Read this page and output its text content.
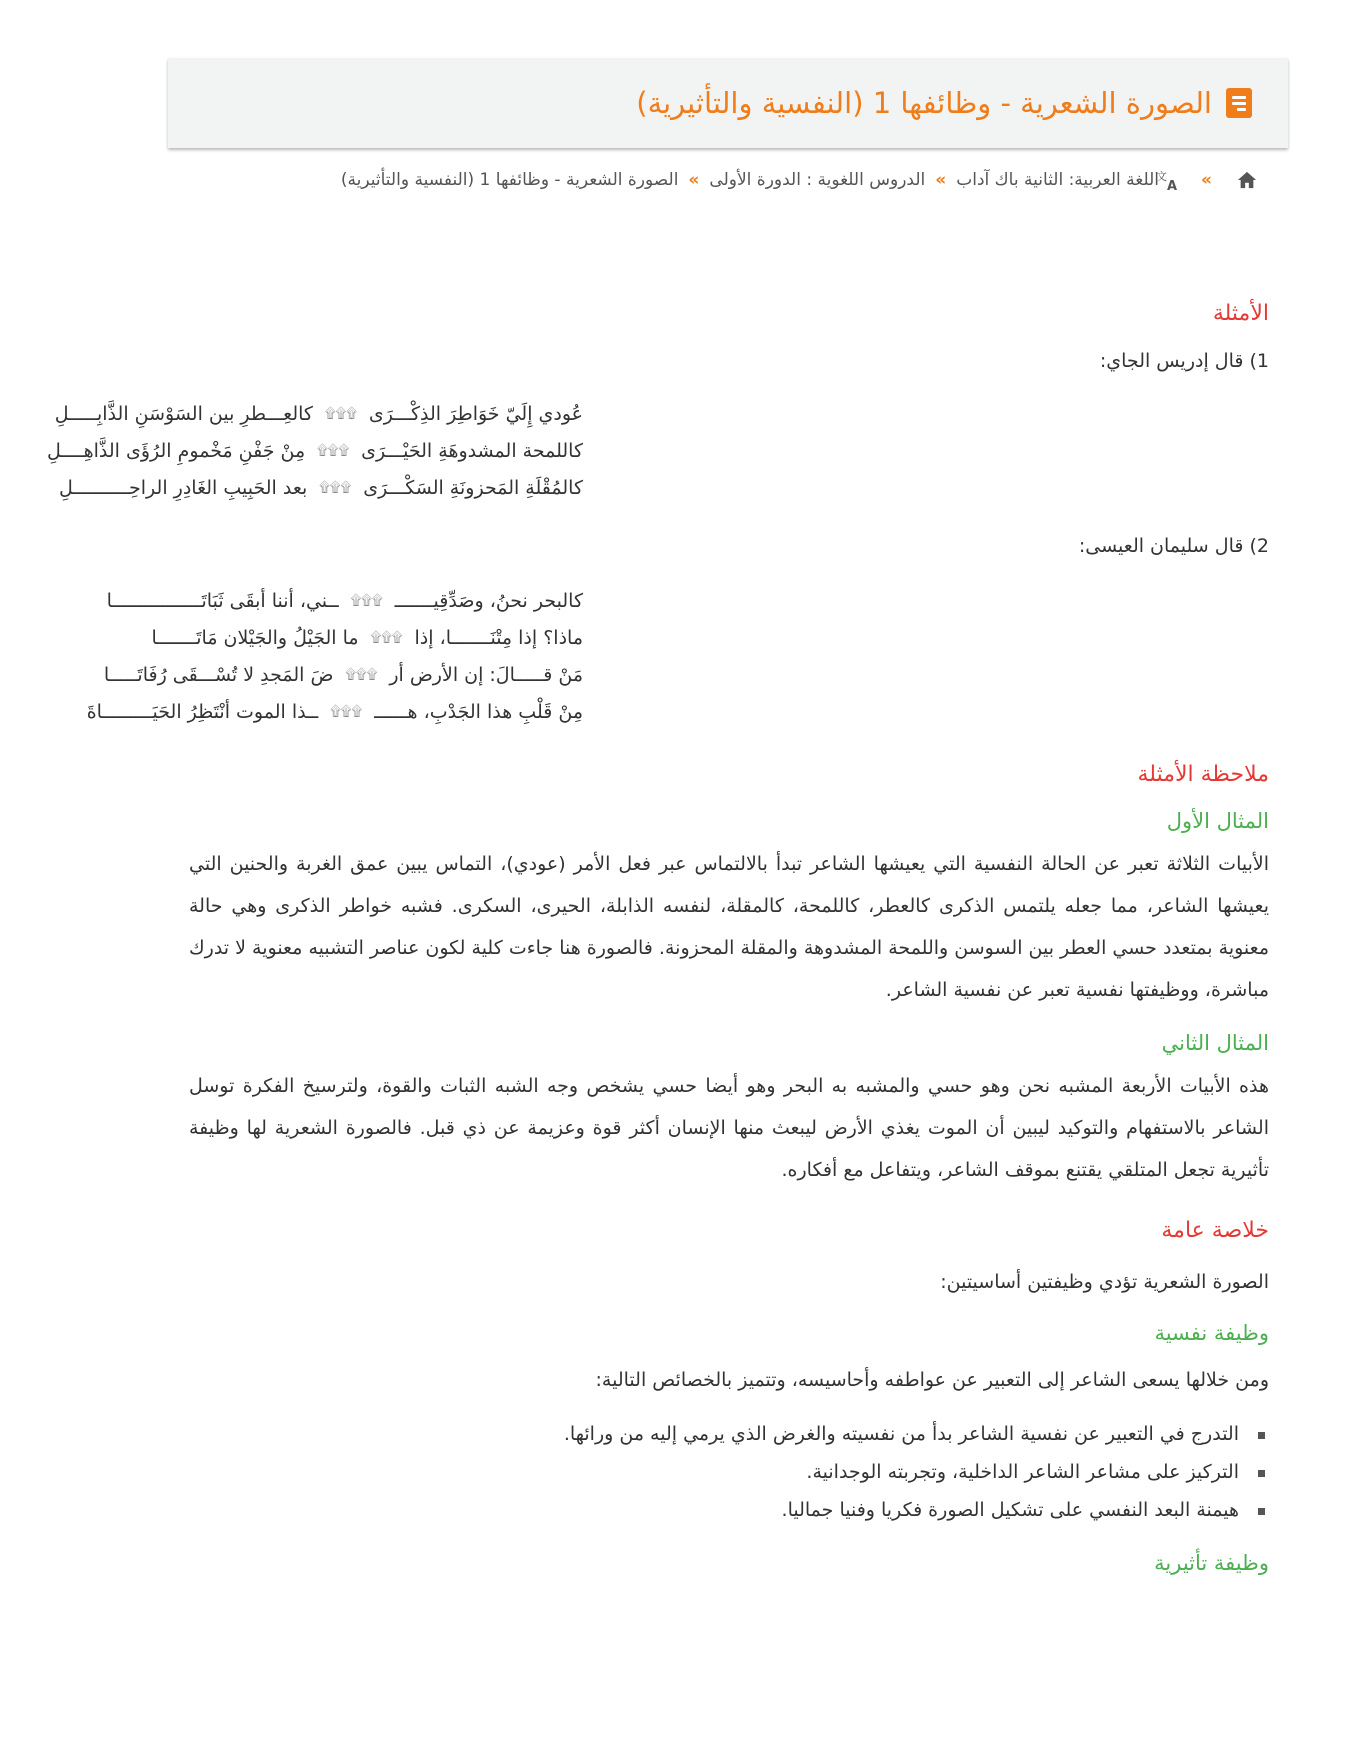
الصورة الشعرية - وظائفها 1 (النفسية والتأثيرية)
»
文
A
اللغة العربية: الثانية باك آداب
»
الدروس اللغوية : الدورة الأولى
»
الصورة الشعرية - وظائفها 1 (النفسية والتأثيرية)
الأمثلة

1) قال إدريس الجاي:

عُودي إِلَيّ خَوَاطِرَ الذِكْـــرَى
۩۩۩
كالعِـــطرِ بين السَوْسَنِ الذَّابِـــــلِ
كاللمحة المشدوهَةِ الحَيْـــرَى
۩۩۩
مِنْ جَفْنِ مَخْمومِ الرُؤَى الذَّاهِــــلِ
كالمُقْلَةِ المَحزونَةِ السَكْـــرَى
۩۩۩
بعد الحَبِيبِ الغَادِرِ الراحِــــــــــلِ

2) قال سليمان العيسى:

كالبحر نحنُ، وصَدِّقِيـــــــ
۩۩۩
ــني، أننا أبقَى ثَبَاتَــــــــــــــــا
ماذا؟ إذا مِتْنَـــــــا، إذا
۩۩۩
ما الجَيْلُ والجَيْلان مَاتَـــــــا
مَنْ قـــــالَ: إن الأرض أر
۩۩۩
ضَ المَجدِ لا تُسْـــقَى رُفَاتَـــــا
مِنْ قَلْبِ هذا الجَدْبِ، هــــــ
۩۩۩
ــذا الموت أنْتَظِرُ الحَيَـــــــــاةَ
ملاحظة الأمثلة
المثال الأول

الأبيات الثلاثة تعبر عن الحالة النفسية التي يعيشها الشاعر تبدأ بالالتماس عبر فعل الأمر (عودي)، التماس يبين عمق الغربة والحنين التي يعيشها الشاعر، مما جعله يلتمس الذكرى كالعطر، كاللمحة، كالمقلة، لنفسه الذابلة، الحيرى، السكرى. فشبه خواطر الذكرى وهي حالة معنوية بمتعدد حسي العطر بين السوسن واللمحة المشدوهة والمقلة المحزونة. فالصورة هنا جاءت كلية لكون عناصر التشبيه معنوية لا تدرك مباشرة، ووظيفتها نفسية تعبر عن نفسية الشاعر.

المثال الثاني

هذه الأبيات الأربعة المشبه نحن وهو حسي والمشبه به البحر وهو أيضا حسي يشخص وجه الشبه الثبات والقوة، ولترسيخ الفكرة توسل الشاعر بالاستفهام والتوكيد ليبين أن الموت يغذي الأرض ليبعث منها الإنسان أكثر قوة وعزيمة عن ذي قبل. فالصورة الشعرية لها وظيفة تأثيرية تجعل المتلقي يقتنع بموقف الشاعر، ويتفاعل مع أفكاره.

خلاصة عامة

الصورة الشعرية تؤدي وظيفتين أساسيتين:

وظيفة نفسية

ومن خلالها يسعى الشاعر إلى التعبير عن عواطفه وأحاسيسه، وتتميز بالخصائص التالية:

التدرج في التعبير عن نفسية الشاعر بدأ من نفسيته والغرض الذي يرمي إليه من ورائها.
التركيز على مشاعر الشاعر الداخلية، وتجربته الوجدانية.
هيمنة البعد النفسي على تشكيل الصورة فكريا وفنيا جماليا.
وظيفة تأثيرية
